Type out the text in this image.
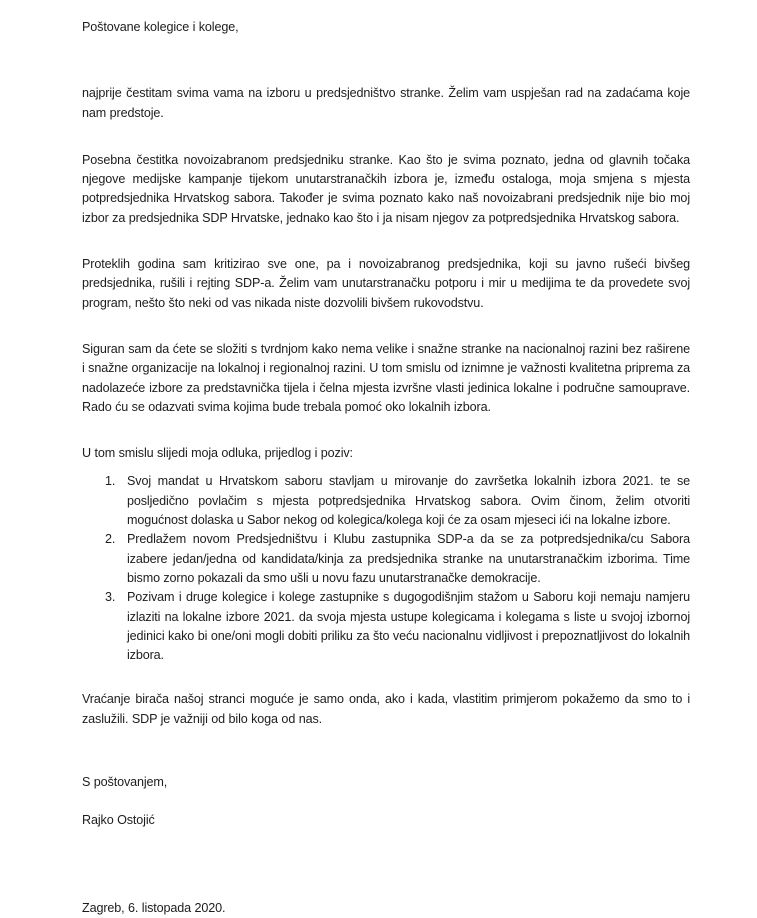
Poštovane kolegice i kolege,

najprije čestitam svima vama na izboru u predsjedništvo stranke. Želim vam uspješan rad na zadaćama koje nam predstoje.

Posebna čestitka novoizabranom predsjedniku stranke. Kao što je svima poznato, jedna od glavnih točaka njegove medijske kampanje tijekom unutarstranačkih izbora je, između ostaloga, moja smjena s mjesta potpredsjednika Hrvatskog sabora. Također je svima poznato kako naš novoizabrani predsjednik nije bio moj izbor za predsjednika SDP Hrvatske, jednako kao što i ja nisam njegov za potpredsjednika Hrvatskog sabora.

Proteklih godina sam kritizirao sve one, pa i novoizabranog predsjednika, koji su javno rušeći bivšeg predsjednika, rušili i rejting SDP-a. Želim vam unutarstranačku potporu i mir u medijima te da provedete svoj program, nešto što neki od vas nikada niste dozvolili bivšem rukovodstvu.

Siguran sam da ćete se složiti s tvrdnjom kako nema velike i snažne stranke na nacionalnoj razini bez raširene i snažne organizacije na lokalnoj i regionalnoj razini. U tom smislu od iznimne je važnosti kvalitetna priprema za nadolazeće izbore za predstavnička tijela i čelna mjesta izvršne vlasti jedinica lokalne i područne samouprave. Rado ću se odazvati svima kojima bude trebala pomoć oko lokalnih izbora.

U tom smislu slijedi moja odluka, prijedlog i poziv:

Svoj mandat u Hrvatskom saboru stavljam u mirovanje do završetka lokalnih izbora 2021. te se posljedično povlačim s mjesta potpredsjednika Hrvatskog sabora. Ovim činom, želim otvoriti mogućnost dolaska u Sabor nekog od kolegica/kolega koji će za osam mjeseci ići na lokalne izbore.
Predlažem novom Predsjedništvu i Klubu zastupnika SDP-a da se za potpredsjednika/cu Sabora izabere jedan/jedna od kandidata/kinja za predsjednika stranke na unutarstranačkim izborima. Time bismo zorno pokazali da smo ušli u novu fazu unutarstranačke demokracije.
Pozivam i druge kolegice i kolege zastupnike s dugogodišnjim stažom u Saboru koji nemaju namjeru izlaziti na lokalne izbore 2021. da svoja mjesta ustupe kolegicama i kolegama s liste u svojoj izbornoj jedinici kako bi one/oni mogli dobiti priliku za što veću nacionalnu vidljivost i prepoznatljivost do lokalnih izbora.

Vraćanje birača našoj stranci moguće je samo onda, ako i kada, vlastitim primjerom pokažemo da smo to i zaslužili. SDP je važniji od bilo koga od nas.

S poštovanjem,

Rajko Ostojić

Zagreb, 6. listopada 2020.
